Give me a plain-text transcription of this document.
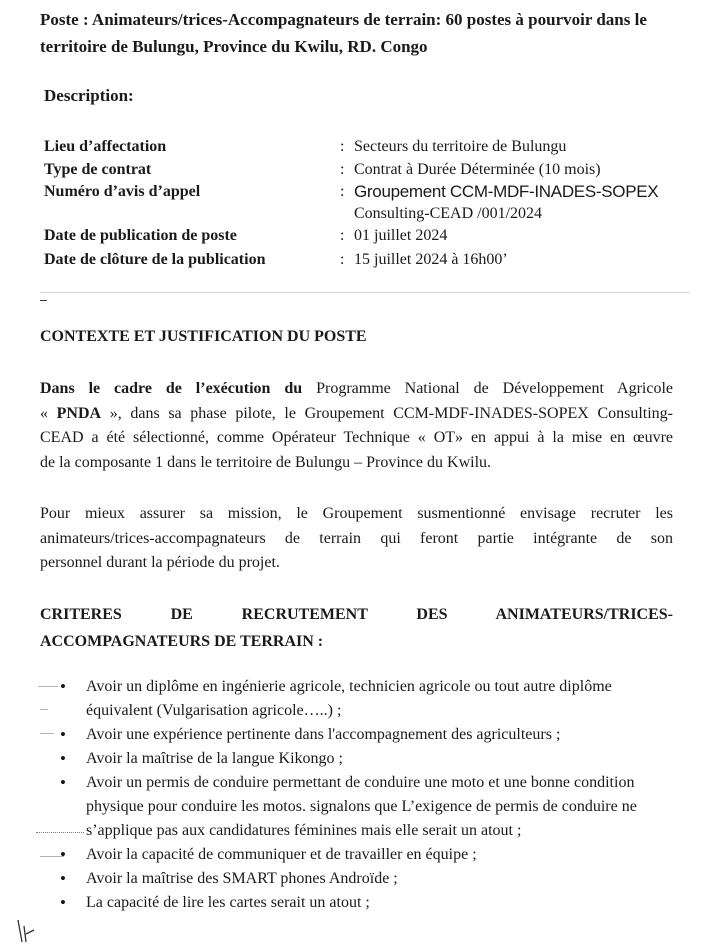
Poste : Animateurs/trices-Accompagnateurs de terrain: 60 postes à pourvoir dans le
territoire de Bulungu, Province du Kwilu, RD. Congo
Description:
Lieu d’affectation	: Secteurs du territoire de Bulungu
Type de contrat	: Contrat à Durée Déterminée (10 mois)
Numéro d’avis d’appel	: Groupement CCM-MDF-INADES-SOPEX
Consulting-CEAD /001/2024
Date de publication de poste	: 01 juillet 2024
Date de clôture de la publication	: 15 juillet 2024 à 16h00’
CONTEXTE ET JUSTIFICATION DU POSTE
Dans le cadre de l’exécution du Programme National de Développement Agricole
« PNDA », dans sa phase pilote, le Groupement CCM-MDF-INADES-SOPEX Consulting-
CEAD a été sélectionné, comme Opérateur Technique « OT» en appui à la mise en œuvre
de la composante 1 dans le territoire de Bulungu – Province du Kwilu.
Pour mieux assurer sa mission, le Groupement susmentionné envisage recruter les
animateurs/trices-accompagnateurs de terrain qui feront partie intégrante de son
personnel durant la période du projet.
CRITERES DE RECRUTEMENT DES ANIMATEURS/TRICES-
ACCOMPAGNATEURS DE TERRAIN :
• Avoir un diplôme en ingénierie agricole, technicien agricole ou tout autre diplôme équivalent (Vulgarisation agricole…..) ;
• Avoir une expérience pertinente dans l'accompagnement des agriculteurs ;
• Avoir la maîtrise de la langue Kikongo ;
• Avoir un permis de conduire permettant de conduire une moto et une bonne condition physique pour conduire les motos. signalons que L’exigence de permis de conduire ne s’applique pas aux candidatures féminines mais elle serait un atout ;
• Avoir la capacité de communiquer et de travailler en équipe ;
• Avoir la maîtrise des SMART phones Androïde ;
• La capacité de lire les cartes serait un atout ;
